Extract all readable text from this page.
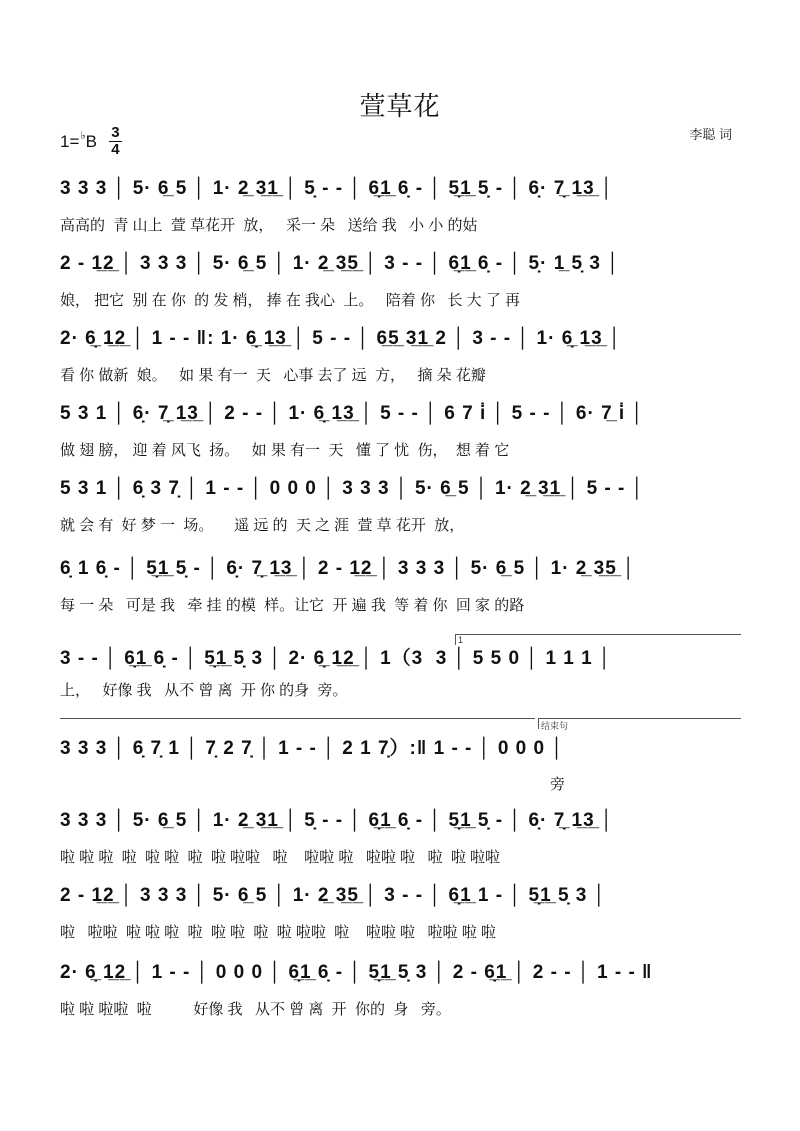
萱草花
1= ♭ B 3
4
李聪 词
3 3 3 │ 5· 6̲ 5 │ 1· 2̲ 3̲1̲ │ 5̣ - - │ 6̣̲1̲ 6̣ - │ 5̣̲1̲ 5̣ - │ 6̣· 7̣̲ 1̲3̲ │
高高的  青 山上  萱 草花开  放，   采一 朵   送给 我   小 小 的姑
2 - 1̲2̲ │ 3 3 3 │ 5· 6̲ 5 │ 1· 2̲ 3̲5̲ │ 3 - - │ 6̣̲1̲ 6̣ - │ 5̣· 1̲ 5̣ 3 │
娘， 把它  别 在 你  的 发 梢， 捧 在 我心  上。   陪着 你   长 大 了 再
2· 6̣̲ 1̲2̲ │ 1 - - ‖: 1· 6̣̲ 1̲3̲ │ 5 - - │ 6̲5̲ 3̲1̲ 2 │ 3 - - │ 1· 6̣̲ 1̲3̲ │
看 你 做新  娘。   如 果 有一  天   心事 去了 远  方，   摘 朵 花瓣
5 3 1 │ 6̣· 7̣̲ 1̲3̲ │ 2 - - │ 1· 6̣̲ 1̲3̲ │ 5 - - │ 6 7 i̇ │ 5 - - │ 6· 7̲ i̇ │
做 翅 膀， 迎 着 风飞  扬。   如 果 有一  天   懂 了 忧  伤，  想 着 它
5 3 1 │ 6̣ 3 7̣ │ 1 - - │ 0 0 0 │ 3 3 3 │ 5· 6̲ 5 │ 1· 2̲ 3̲1̲ │ 5 - - │
就 会 有  好 梦 一  场。     遥 远 的  天 之 涯  萱 草 花开  放，
6̣ 1 6̣ - │ 5̣̲1̲ 5̣ - │ 6̣· 7̣̲ 1̲3̲ │ 2 - 1̲2̲ │ 3 3 3 │ 5· 6̲ 5 │ 1· 2̲ 3̲5̲ │
每 一 朵   可是 我   牵 挂 的模  样。让它  开 遍 我  等 着 你  回 家 的路
3 - - │ 6̣̲1̲ 6̣ - │ 5̣̲1̲ 5̣ 3 │ 2· 6̣̲ 1̲2̲ │ 1（3  3 │ 5 5 0 │ 1 1 1 │
上，   好像 我   从不 曾 离  开 你 的身  旁。
3 3 3 │ 6̣ 7̣ 1 │ 7̣ 2 7̣ │ 1 - - │ 2 1 7̣）:‖ 1 - - │ 0 0 0 │
旁
3 3 3 │ 5· 6̲ 5 │ 1· 2̲ 3̲1̲ │ 5̣ - - │ 6̣̲1̲ 6̣ - │ 5̣̲1̲ 5̣ - │ 6̣· 7̣̲ 1̲3̲ │
啦 啦 啦  啦  啦 啦  啦  啦 啦啦   啦    啦啦 啦   啦啦 啦   啦  啦 啦啦
2 - 1̲2̲ │ 3 3 3 │ 5· 6̲ 5 │ 1· 2̲ 3̲5̲ │ 3 - - │ 6̣̲1̲ 1 - │ 5̣̲1̲ 5̣ 3 │
啦   啦啦  啦 啦 啦  啦  啦 啦  啦  啦 啦啦  啦    啦啦 啦   啦啦 啦 啦
2· 6̣̲ 1̲2̲ │ 1 - - │ 0 0 0 │ 6̣̲1̲ 6̣ - │ 5̣̲1̲ 5̣ 3 │ 2 - 6̣̲1̲ │ 2 - - │ 1 - - ‖
啦 啦 啦啦  啦          好像 我   从不 曾 离  开  你的  身   旁。
1
结束句
